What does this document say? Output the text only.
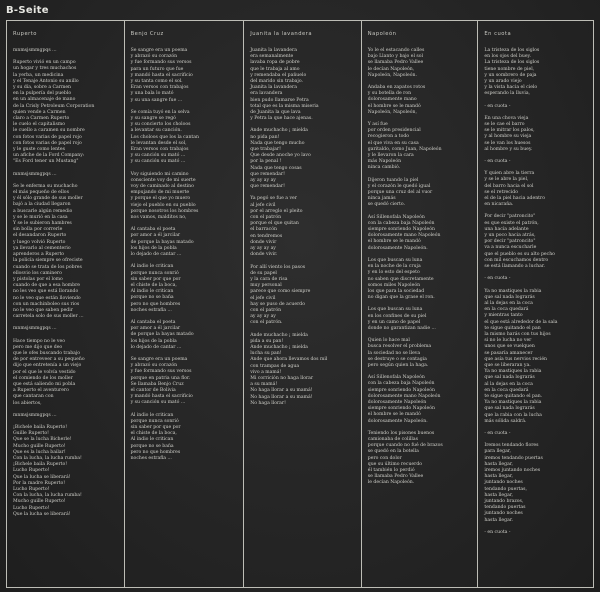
B-Seite
Ruperto
mnmsjsmmgpqs ...
Ruperto vivió en un campo
un hogar y tres muchachos
la yerba, un medicina
y el Tenaje Antonio su anillo
y su día, sobre a Carmen
en la pulpería del pueblo
en un almacenaje de mano
de la Crisly Petroleum Corporation
quien vende a Carmen
claro a Carmen Ruperto
le cuelo el capitalismo
le cuello a caramen su nombre
con fotos varias de papel rojo
con fotos varias de papel rojo
y le guste como lentes
un afiche de la Ford Company:
"Es Ford tener un Mustang"
mnmsjsmmgpqs ...
Se le enferma su muchacho
el más pequeño de ellos
y él sólo grande de sus moller
bajó a la ciudad llegaron
a buscarle algún remedio
y se le murió en la casa
Y se le subieron hambres
sin bolla por correrle
el desandaron Ruperto
y luego volvió Ruperto
ya llevarlo al cementerio
aprenderos a Ruperto
la policía siempre se ofreciste
cuando se trata de los pobres
ellosvio los caminero
y pistolas por el lomo
cuando de que a esa hombre
no les veo que está llorando
no le veo que están lloviendo
con un machinboleo sus rios
no le veo que saben pedir
carretela solo de sus moller ...
mnmsjsmmgpqs ...
Hace tiempo no le veo
pero me dijo que deo
que le ofes buscando trabajo
de por entreveer a su pequeño
dijo que entretenía a un viejo
por el que le volvía vestido
el comiendo de los moller
que está saliendo mi pobla
a Ruperto el aventurero
que cantaran con
los abiertos,
mnmsjsmmgpqs ...
¡Bichele baila Ruperto!
Guille Ruperto!
Que se la lucha Bicherle!
Mucho guille Ruperto!
Que es la lucha bailar!
Con la lucha, la lucha rumba!
¡Bichele baila Ruperto!
Lucho Ruperto!
Que la lucha se liberará!
Por la madre Ruperto!
Lucho Ruperto!
Con la lucha, la lucha rumba!
Mucho guille Ruperto!
Lucho Ruperto!
Que la lucha se liberará!
Benjo Cruz
Se sangre era un poema
y abrazó su corazón
y fue formando sus versos
para un futuro que fue
y mandó hasta el sacrificio
y su tanta como el sol.
Eran versos con trabajos
y una bala lo mató
y su una sangre fue ...
Se comía tuyó en la selva
y su sangre se regó
y su concierto los choloos
a levantar su canción.
Los choloos que los la cantan
le levantan desde el sol,
Eran versos con trabajos
y su canción su mató ...
y su canción su mató ...
Voy siguiendo mi camino
consciente voy de mi suerte
voy de caminado al destino
empujando de mi muerte
y porque el que yo muero
viejo el pueblo en su pueblo
porque nosotros los hombres
nos vamos, malditos no,
Al cantaba el poeta
por amor a él jarcilar
de porque la bayas matado
los hijos de la pobla
lo dejado de cantar ...
Al indio le critican
porque nunca sonrió
sin saber por que por
el chiste de la boca,
Al indio le critican
porque no se baña
pero no que hombres
noches estrafla ...
Al cantaba el poeta
por amor a él jarcilar
de porque la bayas matado
los hijos de la pobla
lo dejado de cantar ...
Se sangre era un poema
y abrazó su corazón
y fue formando sus versos
porque en patria una flor.
Se llamaba Benjo Cruz
el cantor de Bolivia
y mandó hasta el sacrificio
y su canción su mató ...
Al indio le critican
porque nunca sonrió
sin saber por que por
el chiste de la boca,
Al indio le critican
porque no se baña
pero no que hombres
noches estrafla ...
Juanita la lavandera
Juanita la lavandera
era semanalmente
lavaba ropa de pobre
que le trabaja al amo
y remendaba el pañuelo
del marido sin trabajo.
Juanita la lavandera
era lavandera
bien pudo llamarse Petra
total que es la misma miseria
de Juanita la que lava
y Petra la que hace ajenas.
Ande muchacho ¡ mielda
no pida pan!
Nada que tengo mucho
que trabajar!
Que desde anoche yo lavo
por la penal !
Nada que tengo cosas
que remendar!
ay ay ay ay
que remendar!
Ya pegó se fue a ver
al jefe civil
por el arreglo el pleito
con el patrón
porque el que quitan
el barracón
en tendremos
donde vivir
ay ay ay ay
donde vivir.
Por allí viento los pasos
de su papel
y la cara de risa
muy personal
parece que como siempre
el jefe civil
hay se puso de acuerdo
con el patrón
ay ay ay ay
con el patrón.
Ande muchacho ¡ mielda
pida a su pan!
Ande muchacho ¡ mielda
lucha su pan!
Ande que ahora llevamos dos mil
con trampas de agua
vivo a mamá!
Mi corrición no haga llorar
a su mamá!
No haga llorar a su mamá!
No haga llorar a su mamá!
No haga llorar!
Napoleón
Yo le el estacando calles
bajo Llanto y bajo el sol
se llamaba Pedro Vallee
le decían Napoleón,
Napoleón, Napoleón.
Andaba en zapatos rotos
y su botella de ron
dolorosamente mano
el hombre se le mandó
Napoleón, Napoleón,
Y así fue
por orden presidencial
recogieron a todo
el que viva en su casa
garitaldo, como Juan, Napoleón
y le llevaron la cara
más Napoleón
ninca cambió.
Dijeron tuando la piel
y el corazón le quedó igual
porque una cruz del al vuor
ninca jamás
se quedó cierto.
Así Sillenofala Napoleón
con la cabeza baja Napoleón
siempre sonriendo Napoleón
dolorosamente mano Napoleón
el hombre se le mandó
dolorosamente Napoleón.
Los que buscan su luna
en la noche de la cruja
y en lo esto del espeto
no saben que discretamente
somos miles Napoleón
los que para la sociedad
no digan que la grase el ron.
Los que buscan su luna
en los confines de su piel
y en un camo de papel
donde no garantizan nadie ...
Quien lo hace mal
busca resolver el problema
la sociedad no se lleva
se destruye o se contagia
pero según quien la haga.
Así Sillenofala Napoleón
con la cabeza baja Napoleón
siempre sonriendo Napoleón
dolorosamente mano Napoleón
dolorosamente Napoleón
siempre sonriendo Napoleón
el hombre se le mandó
dolorosamente Napoleón.
Teniendo los pisones buenos
camionaba de colillas
porque cuando no fué de brazos
se quedó en la botella
pero con dolor
que su último recuerdo
él también lo perdió
se llamaba Pedro Vallee
le decían Napoleón.
En cuota
La tristeza de los siglos
en los ojos del buey.
La tristeza de los siglos
tiene nombre de piel,
y un sombrero de paja
y un arado viejo
y la vista hacia el cielo
esperando la lluvia,
- en cuota -
En una chova vieja
se le cae el barro
se le mitrar los palos,
y al hombre su vieja
se le van los huesos
al hombre y su buey.
- en cuota -
Y quien abre la tierra
y se le abre la piel,
del barro hacia el sol
se el retrecido
el de la piel hacia adentro
en nicaraña.
Por decir "patroncito"
es que existe el patrón,
una hacía adelante
y un poco hacia atrás,
por decir "patroncito"
va a nunca escucharle
que el pueblo es su alto pecho
con mil escuchamos dentro
se está llamando a luchar.
- en cuota -
Ya no mastiques la rabia
que sal nada lograrás
al la dejas en la coca
en la coca quedará
y mientras tanto
el que está alrededor de la sala
te sigue quitando el pan
la mismo harás con tus hijos
si no le lucha no ver
unos que se vuelquen
se pasaría amanecer
que asía tus nervios recién
que se liberaran ya.
Ya no mastiques la rabia
que sal nada lograrás
al la dejas en la coca
en la coca quedará
te sigue quitando el pan.
Ya no mastiques la rabia
que sal nada lograrás
que la rabia con la lucha
más sólida saldrá.
- en cuota -
Iremos tendando flores
para llegar,
iremos tendando puertas
hasta llegar,
iremos juntando noches
hasta llegar,
juntando noches
tendando puertas,
hasta llegar,
juntando brazos,
tendando puertas
juntando noches
hasta llegar.
- en cuota -
